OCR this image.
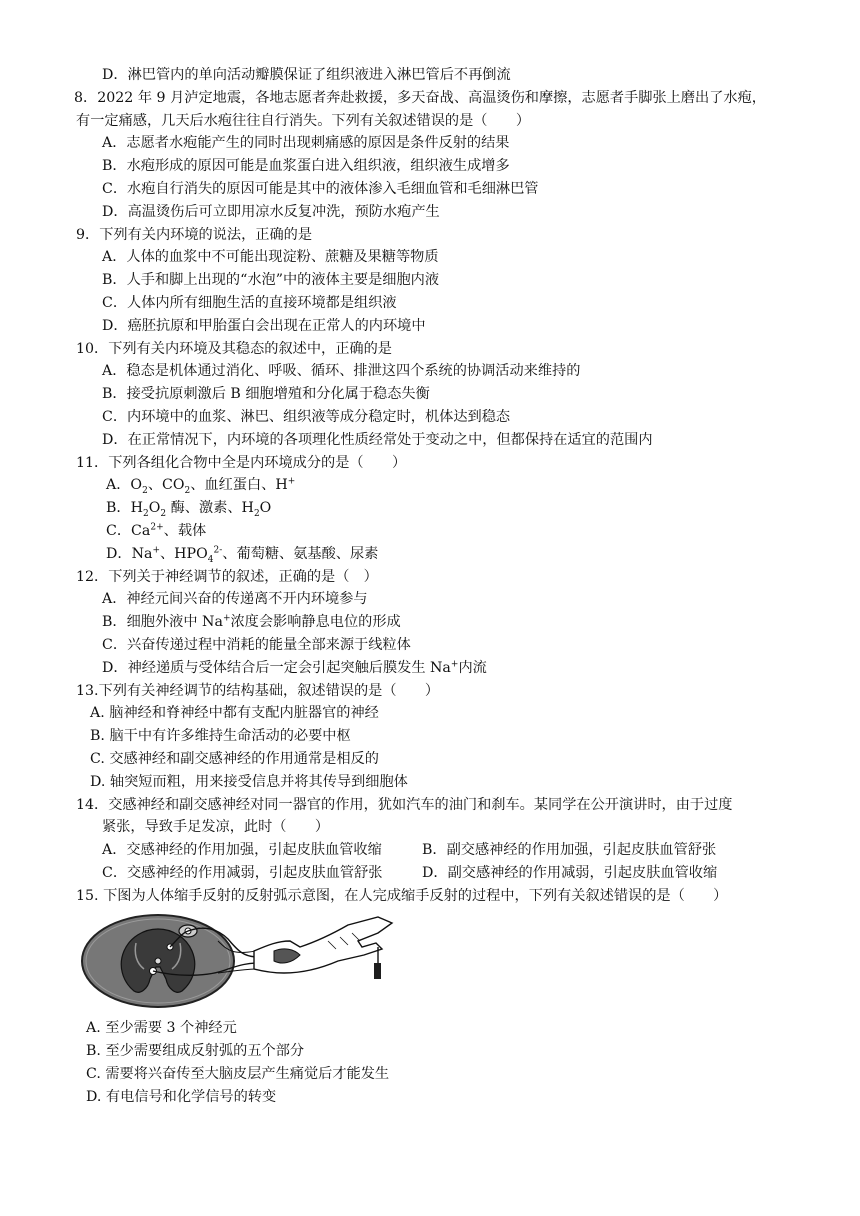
D．淋巴管内的单向活动瓣膜保证了组织液进入淋巴管后不再倒流
8．2022 年 9 月泸定地震，各地志愿者奔赴救援，多天奋战、高温烫伤和摩擦，志愿者手脚张上磨出了水疱，
有一定痛感，几天后水疱往往自行消失。下列有关叙述错误的是（　　）
A．志愿者水疱能产生的同时出现刺痛感的原因是条件反射的结果
B．水疱形成的原因可能是血浆蛋白进入组织液，组织液生成增多
C．水疱自行消失的原因可能是其中的液体渗入毛细血管和毛细淋巴管
D．高温烫伤后可立即用凉水反复冲洗，预防水疱产生
9．下列有关内环境的说法，正确的是
A．人体的血浆中不可能出现淀粉、蔗糖及果糖等物质
B．人手和脚上出现的“水泡”中的液体主要是细胞内液
C．人体内所有细胞生活的直接环境都是组织液
D．癌胚抗原和甲胎蛋白会出现在正常人的内环境中
10．下列有关内环境及其稳态的叙述中，正确的是
A．稳态是机体通过消化、呼吸、循环、排泄这四个系统的协调活动来维持的
B．接受抗原刺激后 B 细胞增殖和分化属于稳态失衡
C．内环境中的血浆、淋巴、组织液等成分稳定时，机体达到稳态
D．在正常情况下，内环境的各项理化性质经常处于变动之中，但都保持在适宜的范围内
11．下列各组化合物中全是内环境成分的是（　　）
A．$O_2$、$CO_2$、血红蛋白、H+
B．$H_2O_2$ 酶、激素、$H_2O$
C．$Ca^{2+}$、载体
D．Na+、$HPO_4^{2-}$、葡萄糖、氨基酸、尿素
12．下列关于神经调节的叙述，正确的是（　）
A．神经元间兴奋的传递离不开内环境参与
B．细胞外液中 Na+浓度会影响静息电位的形成
C．兴奋传递过程中消耗的能量全部来源于线粒体
D．神经递质与受体结合后一定会引起突触后膜发生 Na+内流
13.下列有关神经调节的结构基础，叙述错误的是（　　）
A. 脑神经和脊神经中都有支配内脏器官的神经
B. 脑干中有许多维持生命活动的必要中枢
C. 交感神经和副交感神经的作用通常是相反的
D. 轴突短而粗，用来接受信息并将其传导到细胞体
14．交感神经和副交感神经对同一器官的作用，犹如汽车的油门和刹车。某同学在公开演讲时，由于过度
紧张，导致手足发凉，此时（　　）
A．交感神经的作用加强，引起皮肤血管收缩	B．副交感神经的作用加强，引起皮肤血管舒张
C．交感神经的作用减弱，引起皮肤血管舒张	D．副交感神经的作用减弱，引起皮肤血管收缩
15. 下图为人体缩手反射的反射弧示意图，在人完成缩手反射的过程中，下列有关叙述错误的是（　　）
A. 至少需要 3 个神经元
B. 至少需要组成反射弧的五个部分
C. 需要将兴奋传至大脑皮层产生痛觉后才能发生
D. 有电信号和化学信号的转变
